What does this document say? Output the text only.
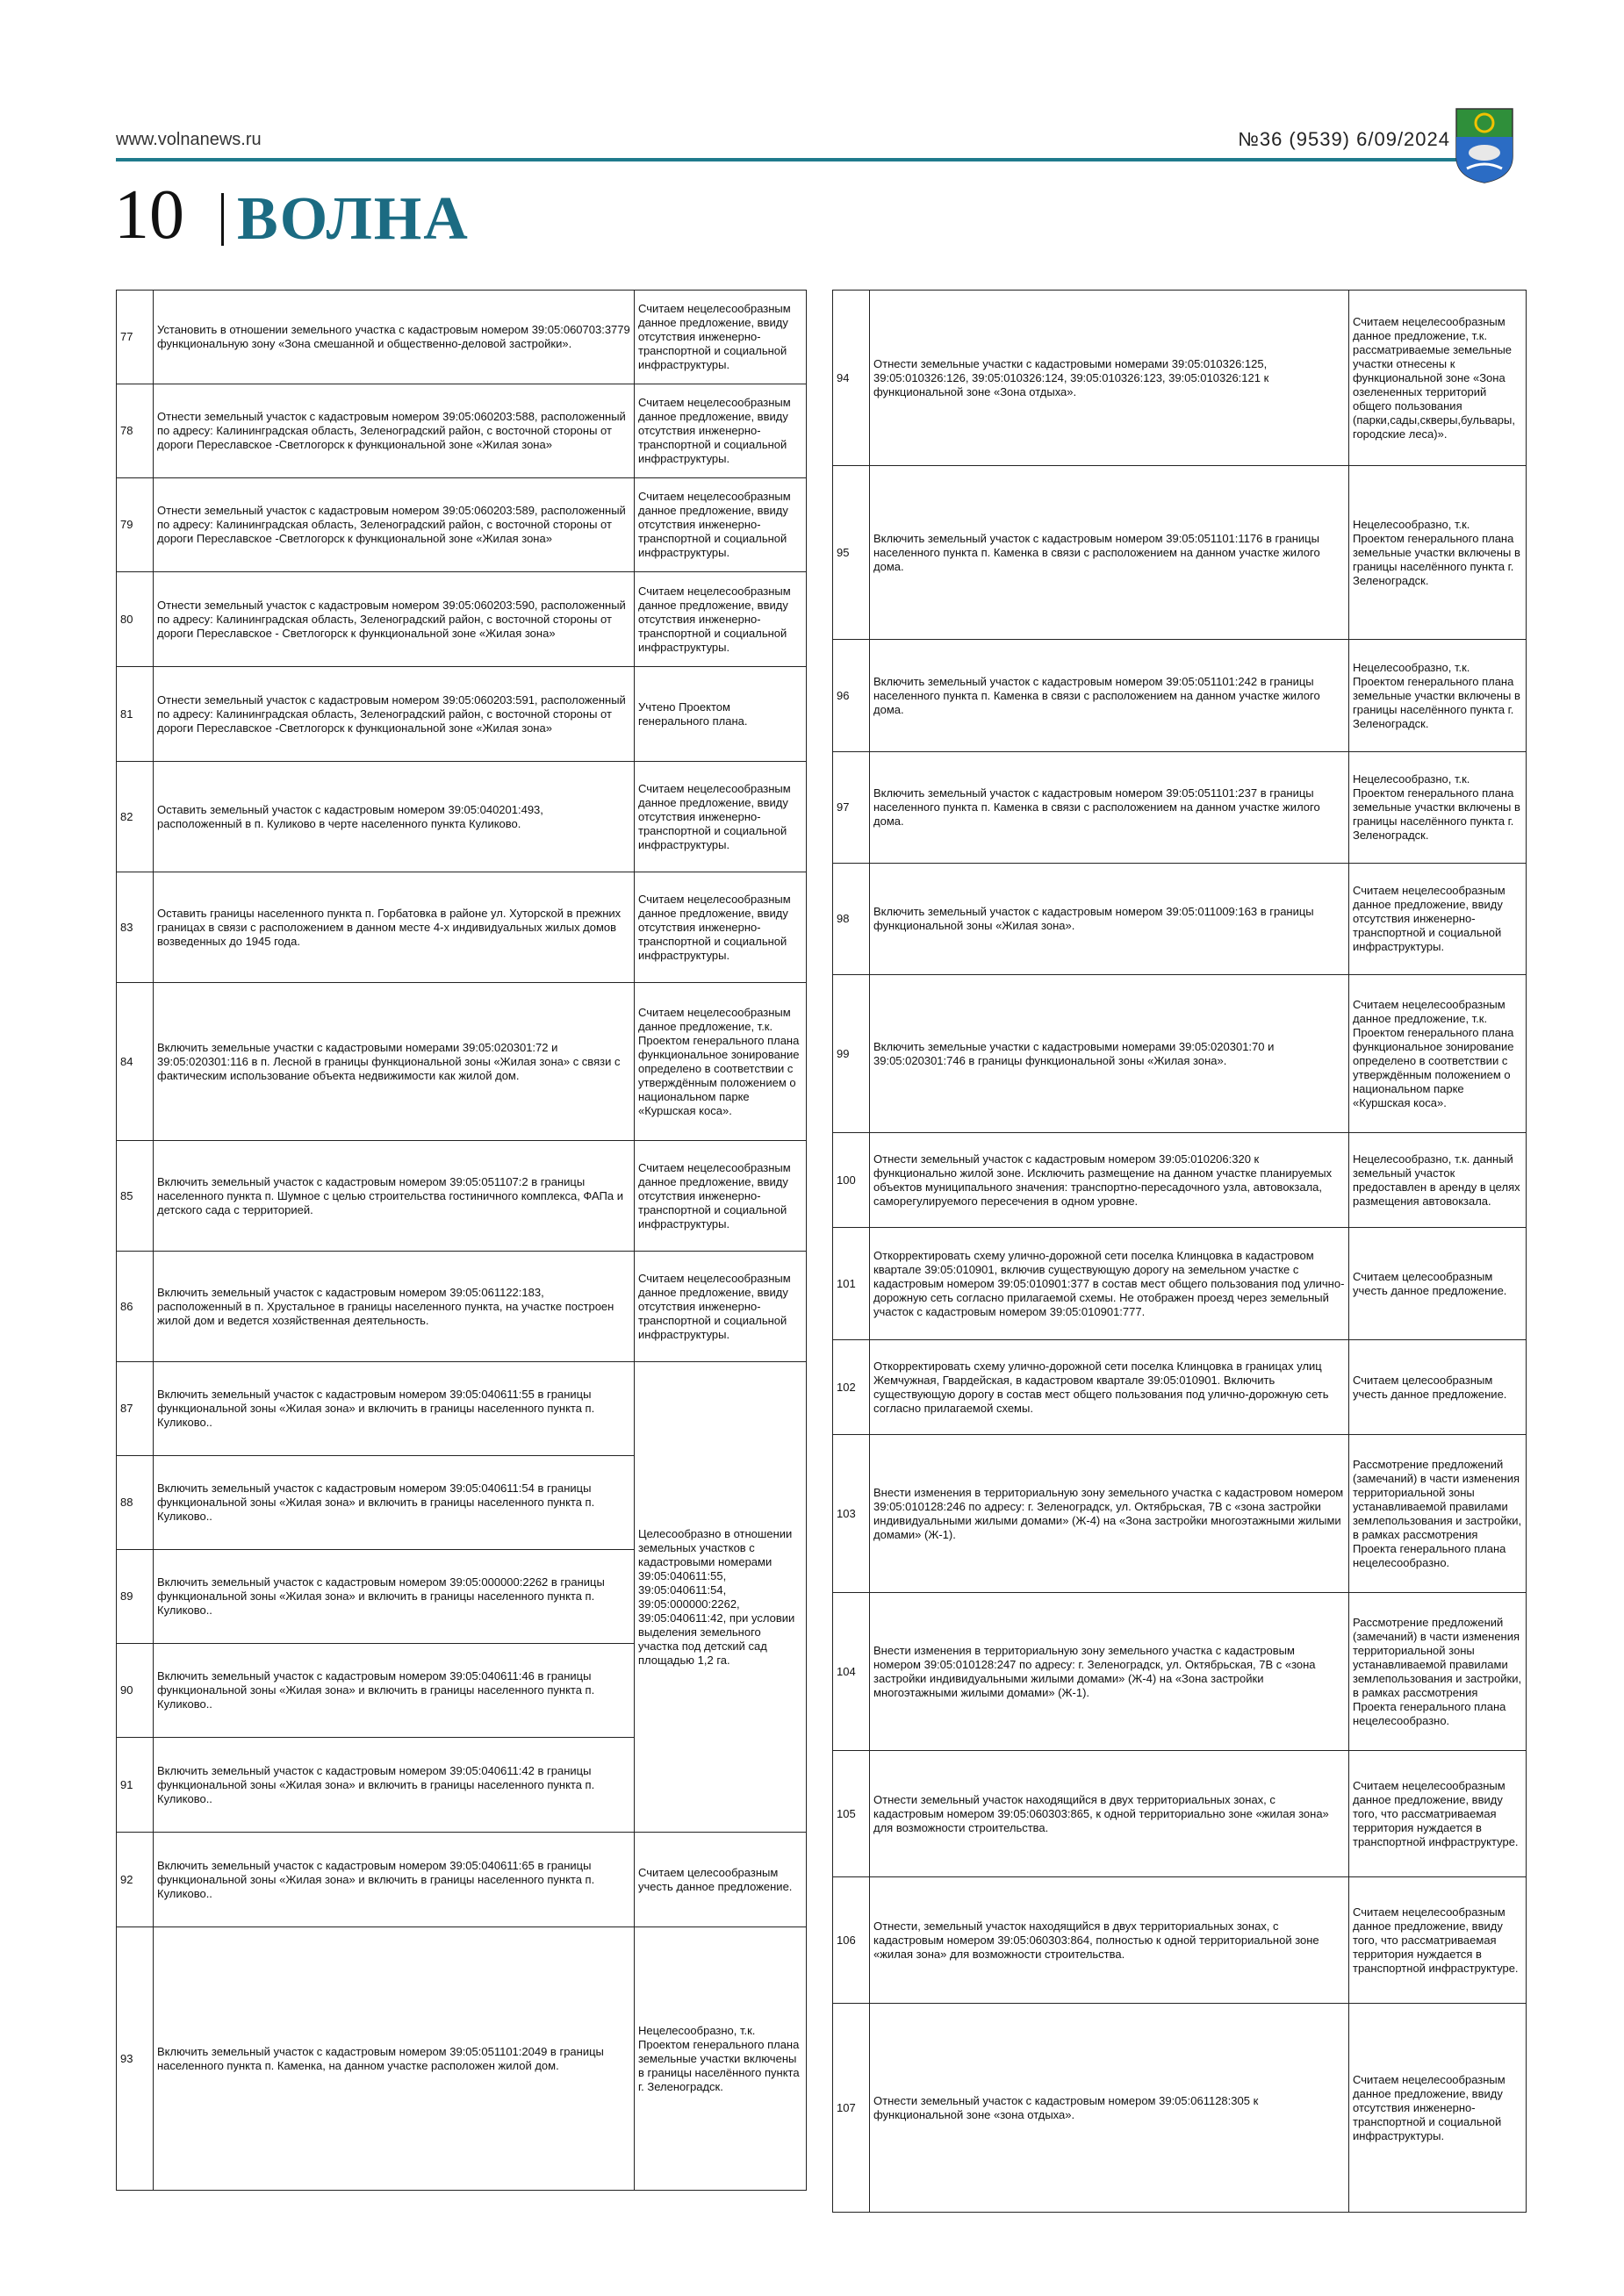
www.volnanews.ru	№36 (9539) 6/09/2024
10 ВОЛНА
77	Установить в отношении земельного участка с кадастровым номером 39:05:060703:3779 функциональную зону «Зона смешанной и общественно-деловой застройки».	Считаем нецелесообразным данное предложение, ввиду отсутствия инженерно-транспортной и социальной инфраструктуры.
78	Отнести земельный участок с кадастровым номером 39:05:060203:588, расположенный по адресу: Калининградская область, Зеленоградский район, с восточной стороны от дороги Переславское -Светлогорск к функциональной зоне «Жилая зона»	Считаем нецелесообразным данное предложение, ввиду отсутствия инженерно-транспортной и социальной инфраструктуры.
79	Отнести земельный участок с кадастровым номером 39:05:060203:589, расположенный по адресу: Калининградская область, Зеленоградский район, с восточной стороны от дороги Переславское -Светлогорск к функциональной зоне «Жилая зона»	Считаем нецелесообразным данное предложение, ввиду отсутствия инженерно-транспортной и социальной инфраструктуры.
80	Отнести земельный участок с кадастровым номером 39:05:060203:590, расположенный по адресу: Калининградская область, Зеленоградский район, с восточной стороны от дороги Переславское - Светлогорск к функциональной зоне «Жилая зона»	Считаем нецелесообразным данное предложение, ввиду отсутствия инженерно-транспортной и социальной инфраструктуры.
81	Отнести земельный участок с кадастровым номером 39:05:060203:591, расположенный по адресу: Калининградская область, Зеленоградский район, с восточной стороны от дороги Переславское -Светлогорск к функциональной зоне «Жилая зона»	Учтено Проектом генерального плана.
82	Оставить земельный участок с кадастровым номером 39:05:040201:493, расположенный в п. Куликово в черте населенного пункта Куликово.	Считаем нецелесообразным данное предложение, ввиду отсутствия инженерно-транспортной и социальной инфраструктуры.
83	Оставить границы населенного пункта п. Горбатовка в районе ул. Хуторской в прежних границах в связи с расположением в данном месте 4-х индивидуальных жилых домов возведенных до 1945 года.	Считаем нецелесообразным данное предложение, ввиду отсутствия инженерно-транспортной и социальной инфраструктуры.
84	Включить земельные участки с кадастровыми номерами 39:05:020301:72 и 39:05:020301:116 в п. Лесной в границы функциональной зоны «Жилая зона» с связи с фактическим использование объекта недвижимости как жилой дом.	Считаем нецелесообразным данное предложение, т.к. Проектом генерального плана функциональное зонирование определено в соответствии с утверждённым положением о национальном парке «Куршская коса».
85	Включить земельный участок с кадастровым номером 39:05:051107:2 в границы населенного пункта п. Шумное с целью строительства гостиничного комплекса, ФАПа и детского сада с территорией.	Считаем нецелесообразным данное предложение, ввиду отсутствия инженерно-транспортной и социальной инфраструктуры.
86	Включить земельный участок с кадастровым номером 39:05:061122:183, расположенный в п. Хрустальное в границы населенного пункта, на участке построен жилой дом и ведется хозяйственная деятельность.	Считаем нецелесообразным данное предложение, ввиду отсутствия инженерно-транспортной и социальной инфраструктуры.
87	Включить земельный участок с кадастровым номером 39:05:040611:55 в границы функциональной зоны «Жилая зона» и включить в границы населенного пункта п. Куликово..	Целесообразно в отношении земельных участков с кадастровыми номерами 39:05:040611:55, 39:05:040611:54, 39:05:000000:2262, 39:05:040611:42, при условии выделения земельного участка под детский сад площадью 1,2 га.
88	Включить земельный участок с кадастровым номером 39:05:040611:54 в границы функциональной зоны «Жилая зона» и включить в границы населенного пункта п. Куликово..	
89	Включить земельный участок с кадастровым номером 39:05:000000:2262 в границы функциональной зоны «Жилая зона» и включить в границы населенного пункта п. Куликово..	
90	Включить земельный участок с кадастровым номером 39:05:040611:46 в границы функциональной зоны «Жилая зона» и включить в границы населенного пункта п. Куликово..	
91	Включить земельный участок с кадастровым номером 39:05:040611:42 в границы функциональной зоны «Жилая зона» и включить в границы населенного пункта п. Куликово..	
92	Включить земельный участок с кадастровым номером 39:05:040611:65 в границы функциональной зоны «Жилая зона» и включить в границы населенного пункта п. Куликово..	Считаем целесообразным учесть данное предложение.
93	Включить земельный участок с кадастровым номером 39:05:051101:2049 в границы населенного пункта п. Каменка, на данном участке расположен жилой дом.	Нецелесообразно, т.к. Проектом генерального плана земельные участки включены в границы населённого пункта г. Зеленоградск.
94	Отнести земельные участки с кадастровыми номерами 39:05:010326:125, 39:05:010326:126, 39:05:010326:124, 39:05:010326:123, 39:05:010326:121 к функциональной зоне «Зона отдыха».	Считаем нецелесообразным данное предложение, т.к. рассматриваемые земельные участки отнесены к функциональной зоне «Зона озелененных территорий общего пользования (парки,сады,скверы,бульвары, городские леса)».
95	Включить земельный участок с кадастровым номером 39:05:051101:1176 в границы населенного пункта п. Каменка в связи с расположением на данном участке жилого дома.	Нецелесообразно, т.к. Проектом генерального плана земельные участки включены в границы населённого пункта г. Зеленоградск.
96	Включить земельный участок с кадастровым номером 39:05:051101:242 в границы населенного пункта п. Каменка в связи с расположением на данном участке жилого дома.	Нецелесообразно, т.к. Проектом генерального плана земельные участки включены в границы населённого пункта г. Зеленоградск.
97	Включить земельный участок с кадастровым номером 39:05:051101:237 в границы населенного пункта п. Каменка в связи с расположением на данном участке жилого дома.	Нецелесообразно, т.к. Проектом генерального плана земельные участки включены в границы населённого пункта г. Зеленоградск.
98	Включить земельный участок с кадастровым номером 39:05:011009:163 в границы функциональной зоны «Жилая зона».	Считаем нецелесообразным данное предложение, ввиду отсутствия инженерно-транспортной и социальной инфраструктуры.
99	Включить земельные участки с кадастровыми номерами 39:05:020301:70 и 39:05:020301:746 в границы функциональной зоны «Жилая зона».	Считаем нецелесообразным данное предложение, т.к. Проектом генерального плана функциональное зонирование определено в соответствии с утверждённым положением о национальном парке «Куршская коса».
100	Отнести земельный участок с кадастровым номером 39:05:010206:320 к функционально жилой зоне. Исключить размещение на данном участке планируемых объектов муниципального значения: транспортно-пересадочного узла, автовокзала, саморегулируемого пересечения в одном уровне.	Нецелесообразно, т.к. данный земельный участок предоставлен в аренду в целях размещения автовокзала.
101	Откорректировать схему улично-дорожной сети поселка Клинцовка в кадастровом квартале 39:05:010901, включив существующую дорогу на земельном участке с кадастровым номером 39:05:010901:377 в состав мест общего пользования под улично-дорожную сеть согласно прилагаемой схемы. Не отображен проезд через земельный участок с кадастровым номером 39:05:010901:777.	Считаем целесообразным учесть данное предложение.
102	Откорректировать схему улично-дорожной сети поселка Клинцовка в границах улиц Жемчужная, Гвардейская, в кадастровом квартале 39:05:010901. Включить существующую дорогу в состав мест общего пользования под улично-дорожную сеть согласно прилагаемой схемы.	Считаем целесообразным учесть данное предложение.
103	Внести изменения в территориальную зону земельного участка с кадастровом номером 39:05:010128:246 по адресу: г. Зеленоградск, ул. Октябрьская, 7В с «зона застройки индивидуальными жилыми домами» (Ж-4) на «Зона застройки многоэтажными жилыми домами» (Ж-1).	Рассмотрение предложений (замечаний) в части изменения территориальной зоны устанавливаемой правилами землепользования и застройки, в рамках рассмотрения Проекта генерального плана нецелесообразно.
104	Внести изменения в территориальную зону земельного участка с кадастровым номером 39:05:010128:247 по адресу: г. Зеленоградск, ул. Октябрьская, 7В с «зона застройки индивидуальными жилыми домами» (Ж-4) на «Зона застройки многоэтажными жилыми домами» (Ж-1).	Рассмотрение предложений (замечаний) в части изменения территориальной зоны устанавливаемой правилами землепользования и застройки, в рамках рассмотрения Проекта генерального плана нецелесообразно.
105	Отнести земельный участок находящийся в двух территориальных зонах, с кадастровым номером 39:05:060303:865, к одной территориально зоне «жилая зона» для возможности строительства.	Считаем нецелесообразным данное предложение, ввиду того, что рассматриваемая территория нуждается в транспортной инфраструктуре.
106	Отнести, земельный участок находящийся в двух территориальных зонах, с кадастровым номером 39:05:060303:864, полностью к одной территориальной зоне «жилая зона» для возможности строительства.	Считаем нецелесообразным данное предложение, ввиду того, что рассматриваемая территория нуждается в транспортной инфраструктуре.
107	Отнести земельный участок с кадастровым номером 39:05:061128:305 к функциональной зоне «зона отдыха».	Считаем нецелесообразным данное предложение, ввиду отсутствия инженерно-транспортной и социальной инфраструктуры.
